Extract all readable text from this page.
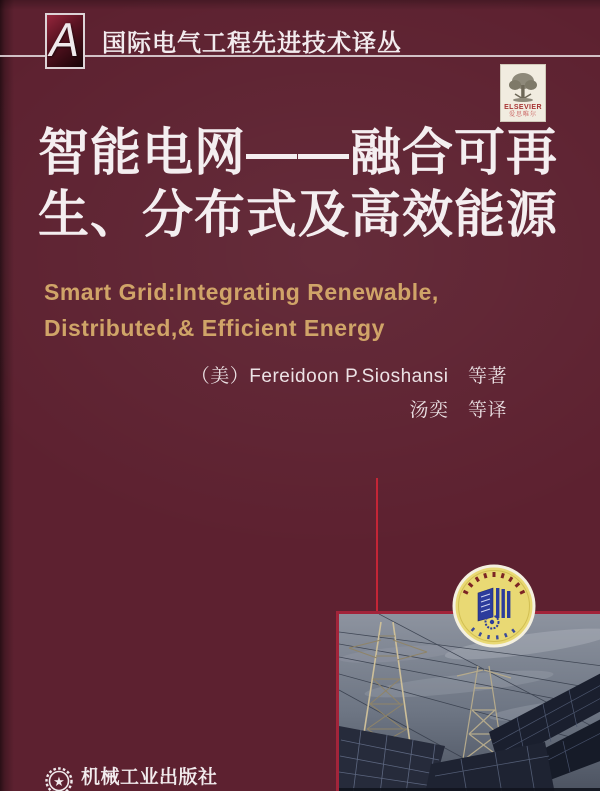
A 国际电气工程先进技术译丛
ELSEVIER
爱思唯尔
智能电网——融合可再
生、分布式及高效能源
Smart Grid:Integrating Renewable,
Distributed,& Efficient Energy
（美）Fereidoon P.Sioshansi　等著
汤奕　等译
★ 机械工业出版社
